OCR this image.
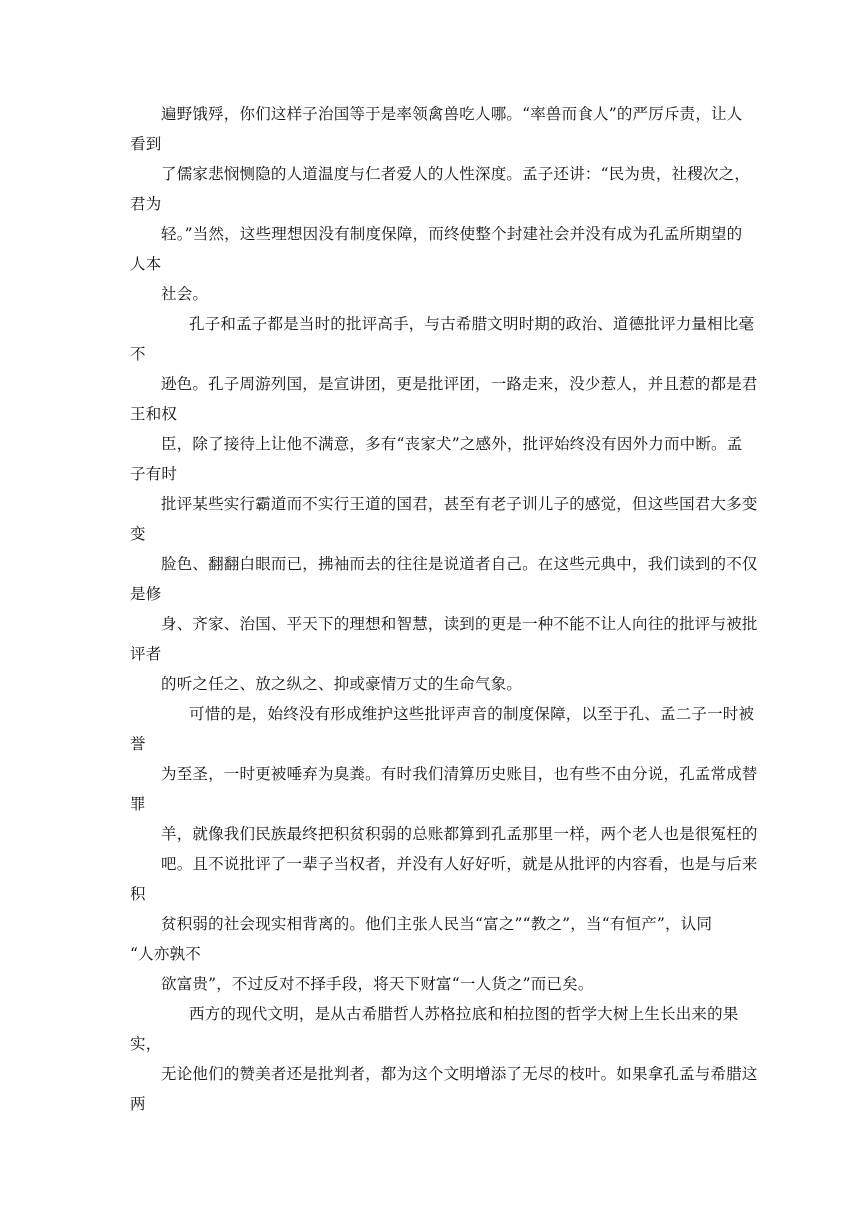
遍野饿殍，你们这样子治国等于是率领禽兽吃人哪。“率兽而食人”的严厉斥责，让人
看到
了儒家悲悯恻隐的人道温度与仁者爱人的人性深度。孟子还讲：“民为贵，社稷次之，
君为
轻。”当然，这些理想因没有制度保障，而终使整个封建社会并没有成为孔孟所期望的
人本
社会。
孔子和孟子都是当时的批评高手，与古希腊文明时期的政治、道德批评力量相比毫
不
逊色。孔子周游列国，是宣讲团，更是批评团，一路走来，没少惹人，并且惹的都是君
王和权
臣，除了接待上让他不满意，多有“丧家犬”之感外，批评始终没有因外力而中断。孟
子有时
批评某些实行霸道而不实行王道的国君，甚至有老子训儿子的感觉，但这些国君大多变
变
脸色、翻翻白眼而已，拂袖而去的往往是说道者自己。在这些元典中，我们读到的不仅
是修
身、齐家、治国、平天下的理想和智慧，读到的更是一种不能不让人向往的批评与被批
评者
的听之任之、放之纵之、抑或豪情万丈的生命气象。
可惜的是，始终没有形成维护这些批评声音的制度保障，以至于孔、孟二子一时被
誉
为至圣，一时更被唾弃为臭粪。有时我们清算历史账目，也有些不由分说，孔孟常成替
罪
羊，就像我们民族最终把积贫积弱的总账都算到孔孟那里一样，两个老人也是很冤枉的
吧。且不说批评了一辈子当权者，并没有人好好听，就是从批评的内容看，也是与后来
积
贫积弱的社会现实相背离的。他们主张人民当“富之”“教之”，当“有恒产”，认同
“人亦孰不
欲富贵”，不过反对不择手段，将天下财富“一人货之”而已矣。
西方的现代文明，是从古希腊哲人苏格拉底和柏拉图的哲学大树上生长出来的果
实，
无论他们的赞美者还是批判者，都为这个文明增添了无尽的枝叶。如果拿孔孟与希腊这
两
